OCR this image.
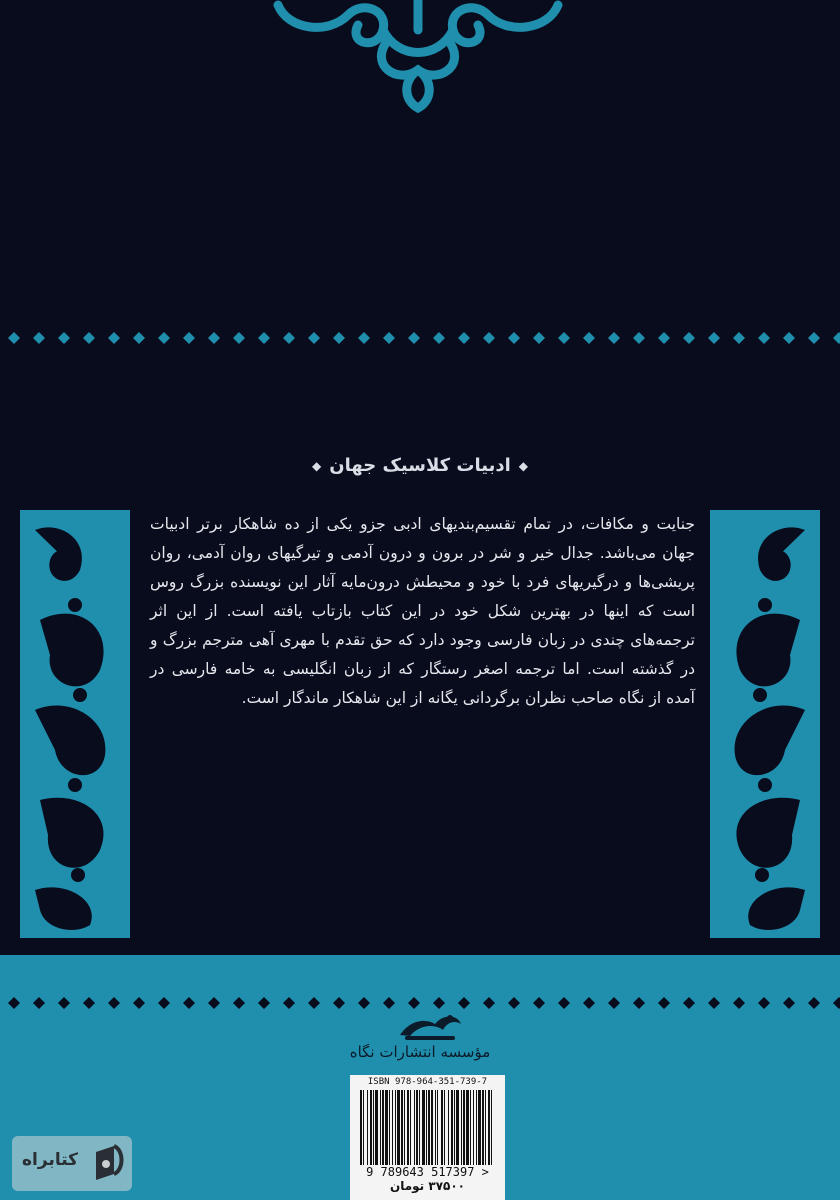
◆ادبیات کلاسیک جهان◆
جنایت و مکافات، در تمام تقسیم‌بندیهای ادبی جزو یکی از ده شاهکار برتر ادبیات جهان می‌باشد. جدال خیر و شر در برون و درون آدمی و تیرگیهای روان آدمی، روان پریشی‌ها و درگیریهای فرد با خود و محیطش درون‌مایه آثار این نویسنده بزرگ روس است که اینها در بهترین شکل خود در این کتاب بازتاب یافته است. از این اثر ترجمه‌های چندی در زبان فارسی وجود دارد که حق تقدم با مهری آهی مترجم بزرگ و در گذشته است. اما ترجمه اصغر رستگار که از زبان انگلیسی به خامه فارسی در آمده از نگاه صاحب نظران برگردانی یگانه از این شاهکار ماندگار است.
مؤسسه انتشارات نگاه
ISBN 978-964-351-739-7
9 789643 517397 >
۳۷۵۰۰ تومان
کتابراه
